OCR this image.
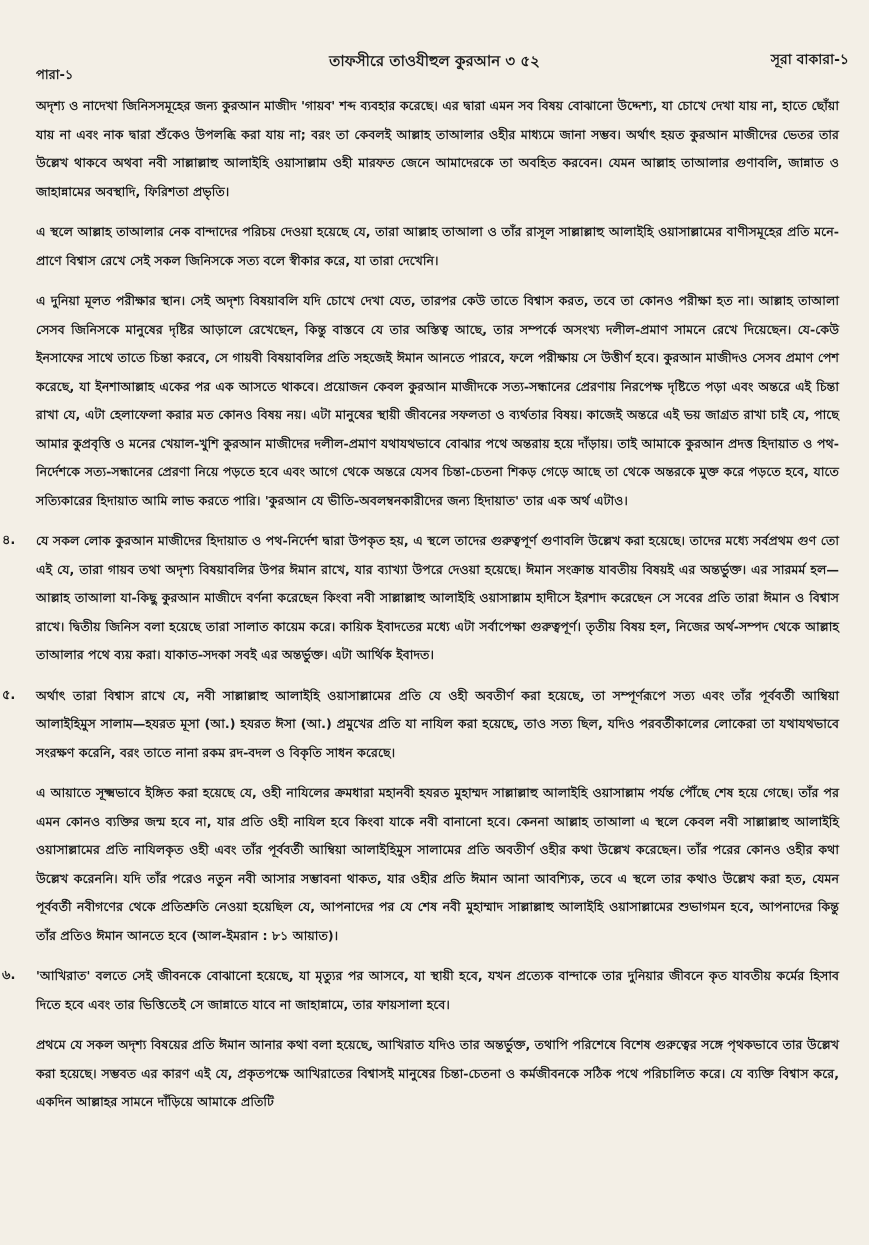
পারা-১
তাফসীরে তাওযীহুল কুরআন ৩ ৫২	সূরা বাকারা-১

অদৃশ্য ও নাদেখা জিনিসসমূহের জন্য কুরআন মাজীদ 'গায়ব' শব্দ ব্যবহার করেছে। এর দ্বারা এমন সব বিষয় বোঝানো উদ্দেশ্য, যা চোখে দেখা যায় না, হাতে ছোঁয়া যায় না এবং নাক দ্বারা শুঁকেও উপলব্ধি করা যায় না; বরং তা কেবলই আল্লাহ তাআলার ওহীর মাধ্যমে জানা সম্ভব। অর্থাৎ হয়ত কুরআন মাজীদের ভেতর তার উল্লেখ থাকবে অথবা নবী সাল্লাল্লাহু আলাইহি ওয়াসাল্লাম ওহী মারফত জেনে আমাদেরকে তা অবহিত করবেন। যেমন আল্লাহ তাআলার গুণাবলি, জান্নাত ও জাহান্নামের অবস্থাদি, ফিরিশতা প্রভৃতি।

এ স্থলে আল্লাহ তাআলার নেক বান্দাদের পরিচয় দেওয়া হয়েছে যে, তারা আল্লাহ তাআলা ও তাঁর রাসূল সাল্লাল্লাহু আলাইহি ওয়াসাল্লামের বাণীসমূহের প্রতি মনে-প্রাণে বিশ্বাস রেখে সেই সকল জিনিসকে সত্য বলে স্বীকার করে, যা তারা দেখেনি।

এ দুনিয়া মূলত পরীক্ষার স্থান। সেই অদৃশ্য বিষয়াবলি যদি চোখে দেখা যেত, তারপর কেউ তাতে বিশ্বাস করত, তবে তা কোনও পরীক্ষা হত না। আল্লাহ তাআলা সেসব জিনিসকে মানুষের দৃষ্টির আড়ালে রেখেছেন, কিন্তু বাস্তবে যে তার অস্তিত্ব আছে, তার সম্পর্কে অসংখ্য দলীল-প্রমাণ সামনে রেখে দিয়েছেন। যে-কেউ ইনসাফের সাথে তাতে চিন্তা করবে, সে গায়বী বিষয়াবলির প্রতি সহজেই ঈমান আনতে পারবে, ফলে পরীক্ষায় সে উত্তীর্ণ হবে। কুরআন মাজীদও সেসব প্রমাণ পেশ করেছে, যা ইনশাআল্লাহ একের পর এক আসতে থাকবে। প্রয়োজন কেবল কুরআন মাজীদকে সত্য-সন্ধানের প্রেরণায় নিরপেক্ষ দৃষ্টিতে পড়া এবং অন্তরে এই চিন্তা রাখা যে, এটা হেলাফেলা করার মত কোনও বিষয় নয়। এটা মানুষের স্থায়ী জীবনের সফলতা ও ব্যর্থতার বিষয়। কাজেই অন্তরে এই ভয় জাগ্রত রাখা চাই যে, পাছে আমার কুপ্রবৃত্তি ও মনের খেয়াল-খুশি কুরআন মাজীদের দলীল-প্রমাণ যথাযথভাবে বোঝার পথে অন্তরায় হয়ে দাঁড়ায়। তাই আমাকে কুরআন প্রদত্ত হিদায়াত ও পথ-নির্দেশকে সত্য-সন্ধানের প্রেরণা নিয়ে পড়তে হবে এবং আগে থেকে অন্তরে যেসব চিন্তা-চেতনা শিকড় গেড়ে আছে তা থেকে অন্তরকে মুক্ত করে পড়তে হবে, যাতে সত্যিকারের হিদায়াত আমি লাভ করতে পারি। 'কুরআন যে ভীতি-অবলম্বনকারীদের জন্য হিদায়াত' তার এক অর্থ এটাও।

৪.	যে সকল লোক কুরআন মাজীদের হিদায়াত ও পথ-নির্দেশ দ্বারা উপকৃত হয়, এ স্থলে তাদের গুরুত্বপূর্ণ গুণাবলি উল্লেখ করা হয়েছে। তাদের মধ্যে সর্বপ্রথম গুণ তো এই যে, তারা গায়ব তথা অদৃশ্য বিষয়াবলির উপর ঈমান রাখে, যার ব্যাখ্যা উপরে দেওয়া হয়েছে। ঈমান সংক্রান্ত যাবতীয় বিষয়ই এর অন্তর্ভুক্ত। এর সারমর্ম হল—আল্লাহ তাআলা যা-কিছু কুরআন মাজীদে বর্ণনা করেছেন কিংবা নবী সাল্লাল্লাহু আলাইহি ওয়াসাল্লাম হাদীসে ইরশাদ করেছেন সে সবের প্রতি তারা ঈমান ও বিশ্বাস রাখে। দ্বিতীয় জিনিস বলা হয়েছে তারা সালাত কায়েম করে। কায়িক ইবাদতের মধ্যে এটা সর্বাপেক্ষা গুরুত্বপূর্ণ। তৃতীয় বিষয় হল, নিজের অর্থ-সম্পদ থেকে আল্লাহ তাআলার পথে ব্যয় করা। যাকাত-সদকা সবই এর অন্তর্ভুক্ত। এটা আর্থিক ইবাদত।

৫.	অর্থাৎ তারা বিশ্বাস রাখে যে, নবী সাল্লাল্লাহু আলাইহি ওয়াসাল্লামের প্রতি যে ওহী অবতীর্ণ করা হয়েছে, তা সম্পূর্ণরূপে সত্য এবং তাঁর পূর্ববর্তী আম্বিয়া আলাইহিমুস সালাম—হযরত মূসা (আ.) হযরত ঈসা (আ.) প্রমুখের প্রতি যা নাযিল করা হয়েছে, তাও সত্য ছিল, যদিও পরবর্তীকালের লোকেরা তা যথাযথভাবে সংরক্ষণ করেনি, বরং তাতে নানা রকম রদ-বদল ও বিকৃতি সাধন করেছে।

এ আয়াতে সূক্ষ্মভাবে ইঙ্গিত করা হয়েছে যে, ওহী নাযিলের ক্রমধারা মহানবী হযরত মুহাম্মদ সাল্লাল্লাহু আলাইহি ওয়াসাল্লাম পর্যন্ত পৌঁছে শেষ হয়ে গেছে। তাঁর পর এমন কোনও ব্যক্তির জন্ম হবে না, যার প্রতি ওহী নাযিল হবে কিংবা যাকে নবী বানানো হবে। কেননা আল্লাহ তাআলা এ স্থলে কেবল নবী সাল্লাল্লাহু আলাইহি ওয়াসাল্লামের প্রতি নাযিলকৃত ওহী এবং তাঁর পূর্ববর্তী আম্বিয়া আলাইহিমুস সালামের প্রতি অবতীর্ণ ওহীর কথা উল্লেখ করেছেন। তাঁর পরের কোনও ওহীর কথা উল্লেখ করেননি। যদি তাঁর পরেও নতুন নবী আসার সম্ভাবনা থাকত, যার ওহীর প্রতি ঈমান আনা আবশ্যিক, তবে এ স্থলে তার কথাও উল্লেখ করা হত, যেমন পূর্ববর্তী নবীগণের থেকে প্রতিশ্রুতি নেওয়া হয়েছিল যে, আপনাদের পর যে শেষ নবী মুহাম্মাদ সাল্লাল্লাহু আলাইহি ওয়াসাল্লামের শুভাগমন হবে, আপনাদের কিন্তু তাঁর প্রতিও ঈমান আনতে হবে (আল-ইমরান : ৮১ আয়াত)।

৬.	'আখিরাত' বলতে সেই জীবনকে বোঝানো হয়েছে, যা মৃত্যুর পর আসবে, যা স্থায়ী হবে, যখন প্রত্যেক বান্দাকে তার দুনিয়ার জীবনে কৃত যাবতীয় কর্মের হিসাব দিতে হবে এবং তার ভিত্তিতেই সে জান্নাতে যাবে না জাহান্নামে, তার ফায়সালা হবে।

প্রথমে যে সকল অদৃশ্য বিষয়ের প্রতি ঈমান আনার কথা বলা হয়েছে, আখিরাত যদিও তার অন্তর্ভুক্ত, তথাপি পরিশেষে বিশেষ গুরুত্বের সঙ্গে পৃথকভাবে তার উল্লেখ করা হয়েছে। সম্ভবত এর কারণ এই যে, প্রকৃতপক্ষে আখিরাতের বিশ্বাসই মানুষের চিন্তা-চেতনা ও কর্মজীবনকে সঠিক পথে পরিচালিত করে। যে ব্যক্তি বিশ্বাস করে, একদিন আল্লাহর সামনে দাঁড়িয়ে আমাকে প্রতিটি
